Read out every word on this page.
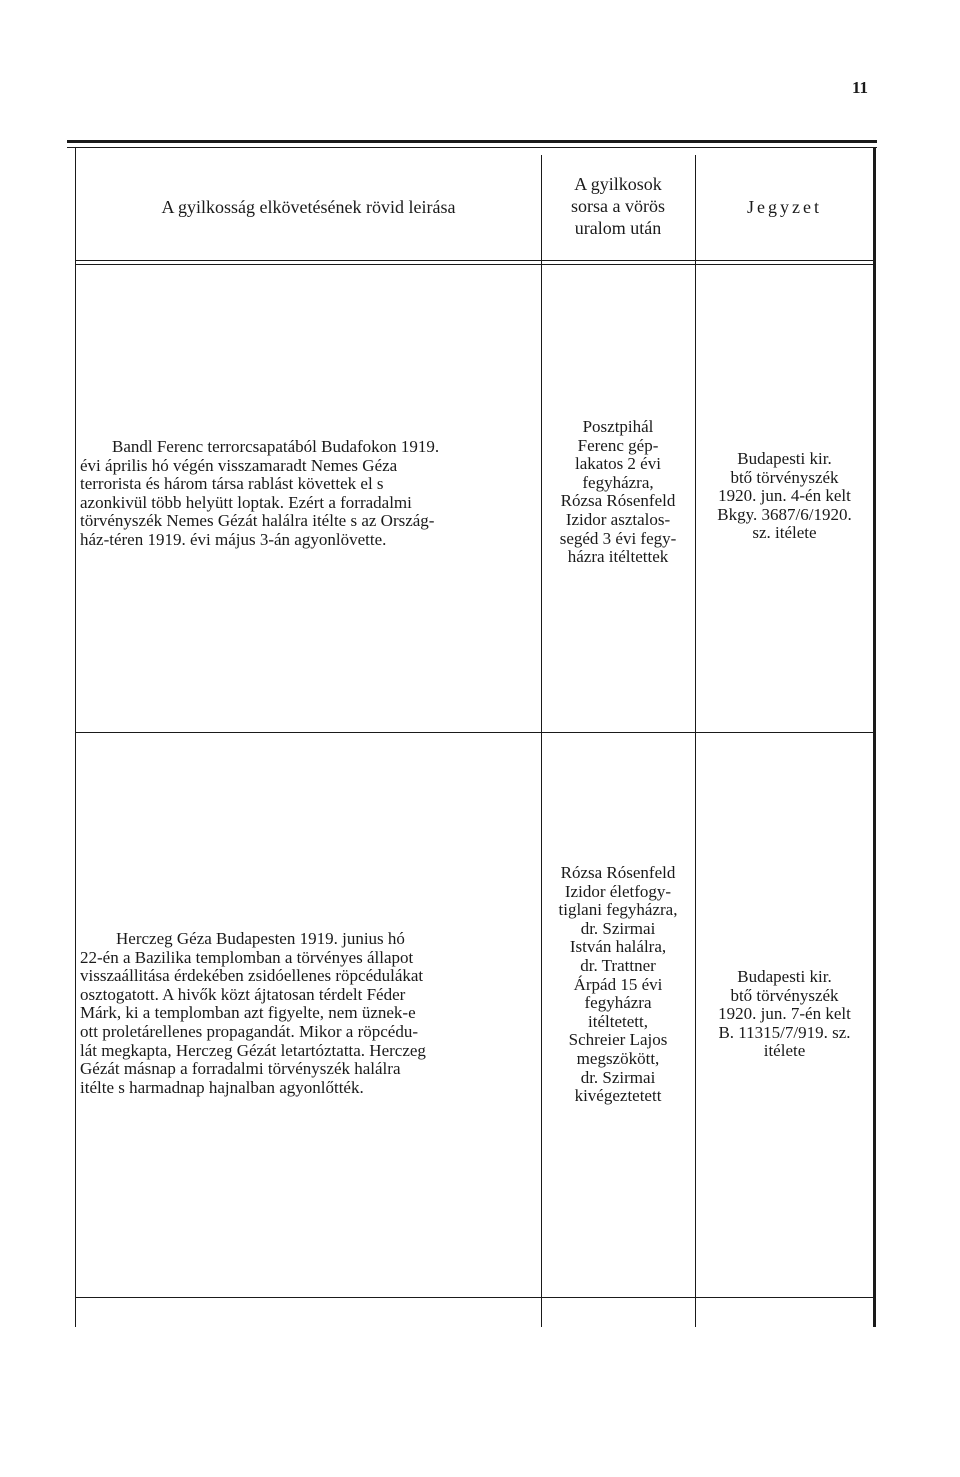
11
A gyilkosság elkövetésének rövid leirása
A gyilkosok
sorsa a vörös
uralom után
Jegyzet
Bandl Ferenc terrorcsapatából Budafokon 1919.
évi április hó végén visszamaradt Nemes Géza
terrorista és három társa rablást követtek el s
azonkivül több helyütt loptak. Ezért a forradalmi
törvényszék Nemes Gézát halálra itélte s az Ország-
ház-téren 1919. évi május 3-án agyonlövette.
Posztpihál
Ferenc gép-
lakatos 2 évi
fegyházra,
Rózsa Rósenfeld
Izidor asztalos-
segéd 3 évi fegy-
házra itéltettek
Budapesti kir.
btő törvényszék
1920. jun. 4-én kelt
Bkgy. 3687/6/1920.
sz. itélete
Herczeg Géza Budapesten 1919. junius hó
22-én a Bazilika templomban a törvényes állapot
visszaállitása érdekében zsidóellenes röpcédulákat
osztogatott. A hivők közt ájtatosan térdelt Féder
Márk, ki a templomban azt figyelte, nem üznek-e
ott proletárellenes propagandát. Mikor a röpcédu-
lát megkapta, Herczeg Gézát letartóztatta. Herczeg
Gézát másnap a forradalmi törvényszék halálra
itélte s harmadnap hajnalban agyonlőtték.
Rózsa Rósenfeld
Izidor életfogy-
tiglani fegyházra,
dr. Szirmai
István halálra,
dr. Trattner
Árpád 15 évi
fegyházra
itéltetett,
Schreier Lajos
megszökött,
dr. Szirmai
kivégeztetett
Budapesti kir.
btő törvényszék
1920. jun. 7-én kelt
B. 11315/7/919. sz.
itélete
